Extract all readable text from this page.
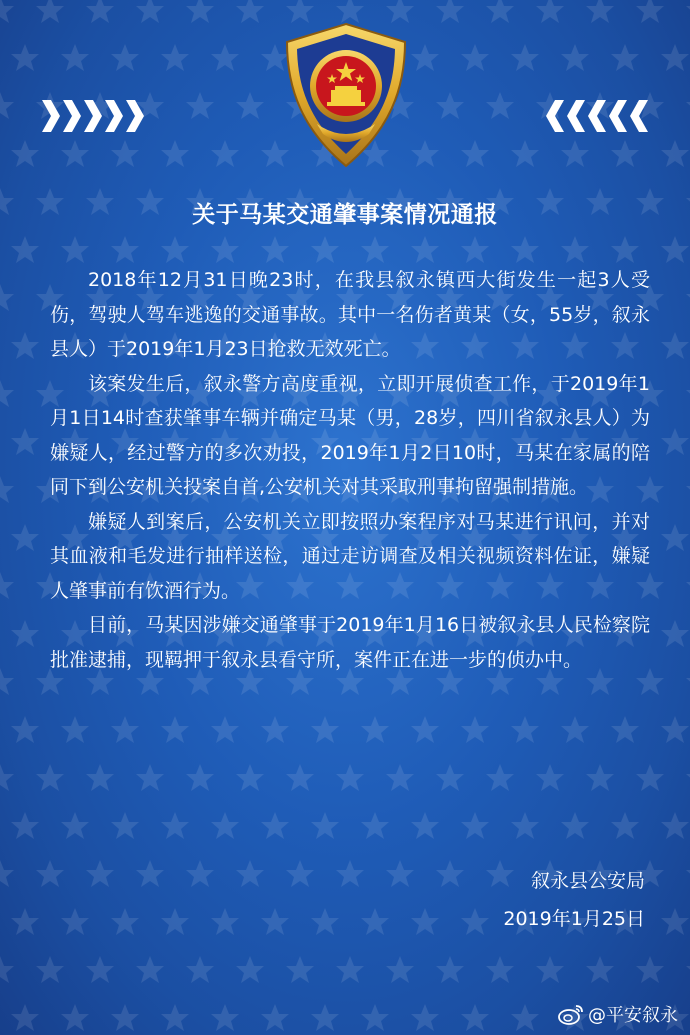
关于马某交通肇事案情况通报

2018年12月31日晚23时，在我县叙永镇西大街发生一起3人受伤，驾驶人驾车逃逸的交通事故。其中一名伤者黄某（女，55岁，叙永县人）于2019年1月23日抢救无效死亡。

该案发生后，叙永警方高度重视，立即开展侦查工作，于2019年1月1日14时查获肇事车辆并确定马某（男，28岁，四川省叙永县人）为嫌疑人，经过警方的多次劝投，2019年1月2日10时，马某在家属的陪同下到公安机关投案自首,公安机关对其采取刑事拘留强制措施。

嫌疑人到案后，公安机关立即按照办案程序对马某进行讯问，并对其血液和毛发进行抽样送检，通过走访调查及相关视频资料佐证，嫌疑人肇事前有饮酒行为。

目前，马某因涉嫌交通肇事于2019年1月16日被叙永县人民检察院批准逮捕，现羁押于叙永县看守所，案件正在进一步的侦办中。

叙永县公安局
2019年1月25日
@平安叙永
